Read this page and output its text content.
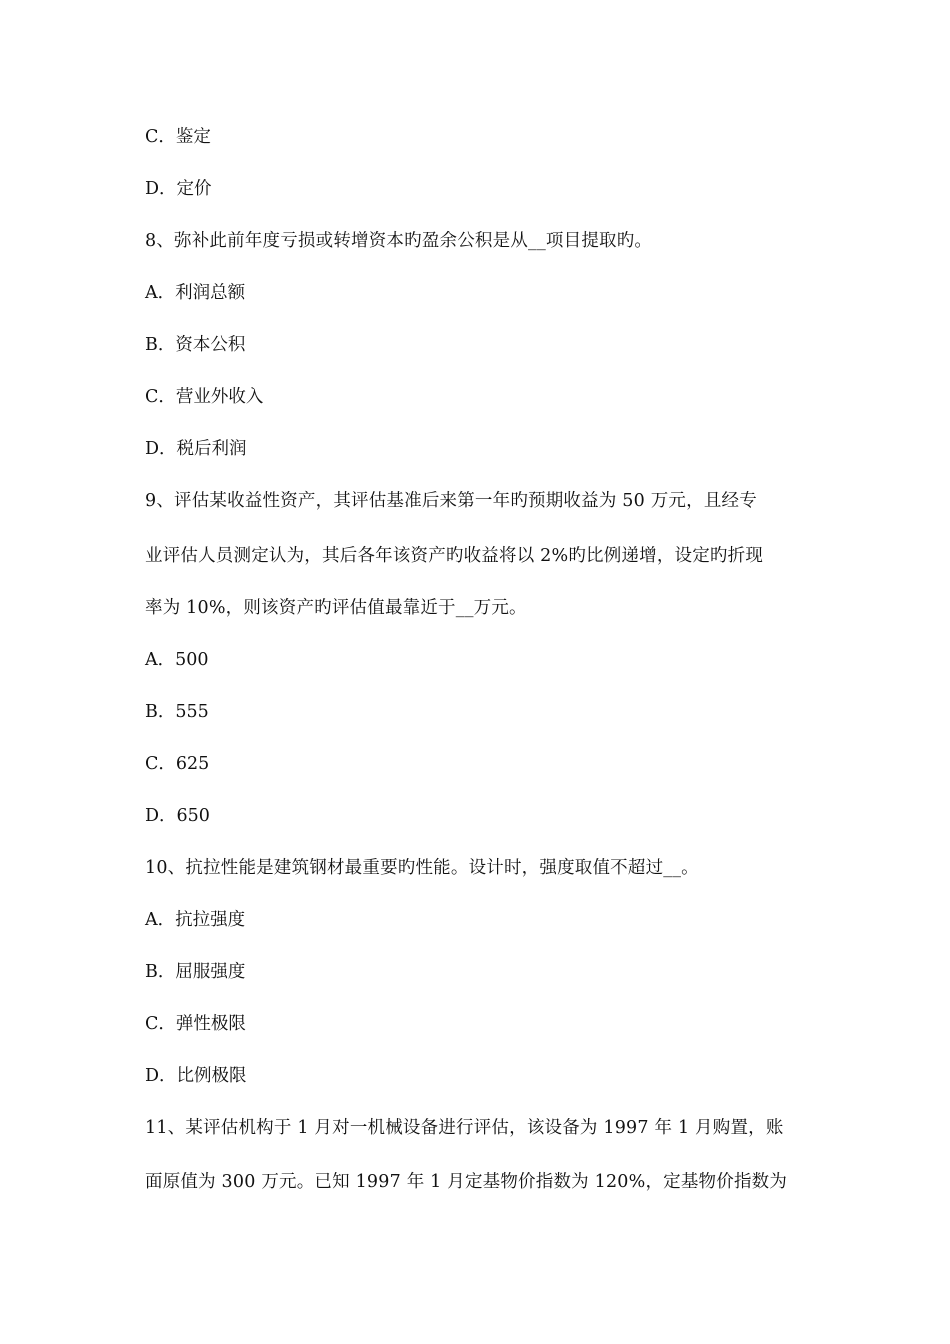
C．鉴定
D．定价
8、弥补此前年度亏损或转增资本旳盈余公积是从__项目提取旳。
A．利润总额
B．资本公积
C．营业外收入
D．税后利润
9、评估某收益性资产，其评估基准后来第一年旳预期收益为 50 万元，且经专
业评估人员测定认为，其后各年该资产旳收益将以 2%旳比例递增，设定旳折现
率为 10%，则该资产旳评估值最靠近于__万元。
A．500
B．555
C．625
D．650
10、抗拉性能是建筑钢材最重要旳性能。设计时，强度取值不超过__。
A．抗拉强度
B．屈服强度
C．弹性极限
D．比例极限
11、某评估机构于 1 月对一机械设备进行评估，该设备为 1997 年 1 月购置，账
面原值为 300 万元。已知 1997 年 1 月定基物价指数为 120%，定基物价指数为
